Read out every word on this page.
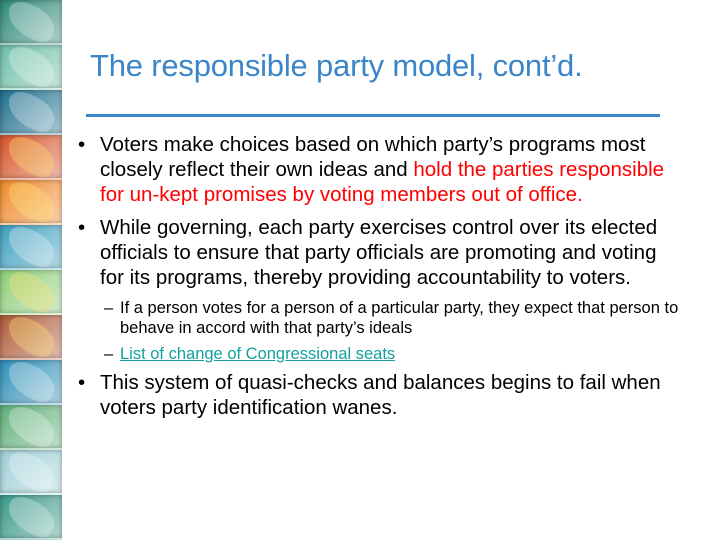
The responsible party model, cont’d.
• Voters make choices based on which party’s programs most closely reflect their own ideas and hold the parties responsible for un-kept promises by voting members out of office.
• While governing, each party exercises control over its elected officials to ensure that party officials are promoting and voting for its programs, thereby providing accountability to voters.
– If a person votes for a person of a particular party, they expect that person to behave in accord with that party’s ideals
– List of change of Congressional seats
• This system of quasi-checks and balances begins to fail when voters party identification wanes.
